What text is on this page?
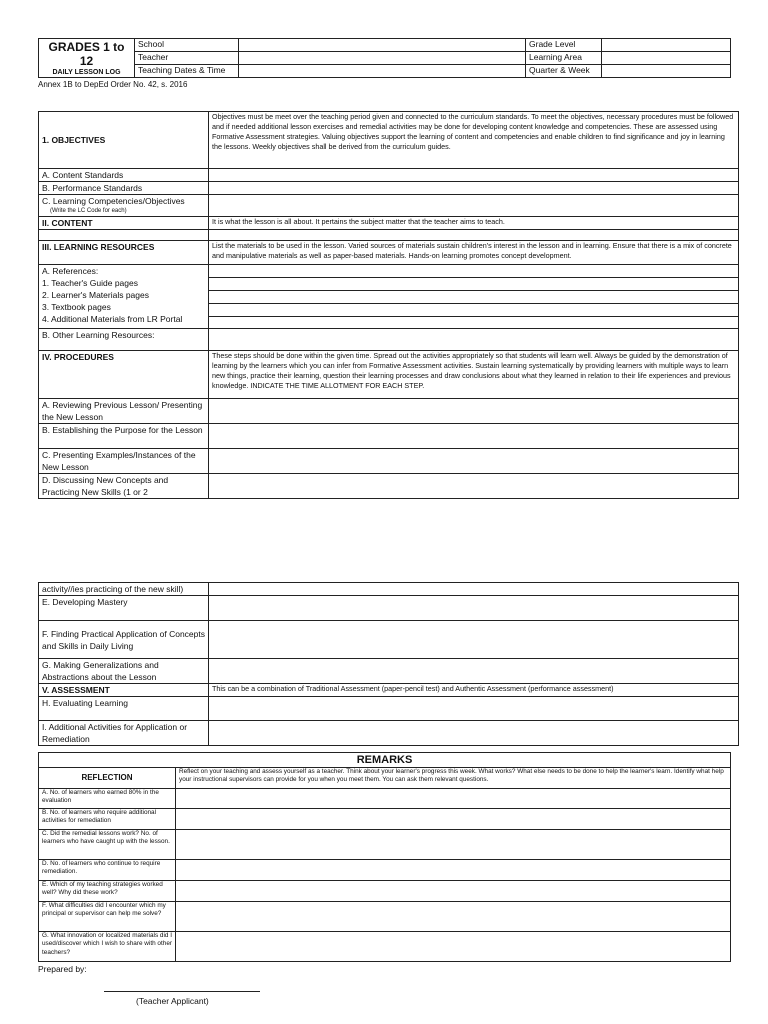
GRADES 1 to 12
DAILY LESSON LOG	School		Grade Level	
	Teacher		Learning Area	
	Teaching Dates & Time		Quarter & Week	
Annex 1B to DepEd Order No. 42, s. 2016
1. OBJECTIVES	Objectives must be meet over the teaching period given and connected to the curriculum standards. To meet the objectives, necessary procedures must be followed and if needed additional lesson exercises and remedial activities may be done for developing content knowledge and competencies. These are assessed using Formative Assessment strategies. Valuing objectives support the learning of content and competencies and enable children to find significance and joy in learning the lessons. Weekly objectives shall be derived from the curriculum guides.
A. Content Standards	
B. Performance Standards	
C. Learning Competencies/Objectives
(Write the LC Code for each)	

II. CONTENT	It is what the lesson is all about. It pertains the subject matter that the teacher aims to teach.

III. LEARNING RESOURCES	List the materials to be used in the lesson. Varied sources of materials sustain children's interest in the lesson and in learning. Ensure that there is a mix of concrete and manipulative materials as well as paper-based materials. Hands-on learning promotes concept development.

A. References:
1. Teacher's Guide pages
2. Learner's Materials pages
3. Textbook pages
4. Additional Materials from LR Portal	

B. Other Learning Resources:	
IV. PROCEDURES	These steps should be done within the given time. Spread out the activities appropriately so that students will learn well. Always be guided by the demonstration of learning by the learners which you can infer from Formative Assessment activities. Sustain learning systematically by providing learners with multiple ways to learn new things, practice their learning, question their learning processes and draw conclusions about what they learned in relation to their life experiences and previous knowledge. INDICATE THE TIME ALLOTMENT FOR EACH STEP.
A. Reviewing Previous Lesson/ Presenting the New Lesson	
B. Establishing the Purpose for the Lesson	
C. Presenting Examples/Instances of the New Lesson	
D. Discussing New Concepts and Practicing New Skills (1 or 2	
activity//ies practicing of the new skill)	
E. Developing Mastery	
F. Finding Practical Application of Concepts and Skills in Daily Living	
G. Making Generalizations and Abstractions about the Lesson	
V. ASSESSMENT	This can be a combination of Traditional Assessment (paper-pencil test) and Authentic Assessment (performance assessment)
H. Evaluating Learning	
I. Additional Activities for Application or Remediation	
REMARKS	
REFLECTION	Reflect on your teaching and assess yourself as a teacher. Think about your learner's progress this week. What works? What else needs to be done to help the learner's learn. Identify what help your instructional supervisors can provide for you when you meet them. You can ask them relevant questions.
A. No. of learners who earned 80% in the evaluation	
B. No. of learners who require additional activities for remediation	
C. Did the remedial lessons work? No. of learners who have caught up with the lesson.	
D. No. of learners who continue to require remediation.	
E. Which of my teaching strategies worked well? Why did these work?	
F. What difficulties did I encounter which my principal or supervisor can help me solve?	
G. What innovation or localized materials did I used/discover which I wish to share with other teachers?	
Prepared by:
(Teacher Applicant)
